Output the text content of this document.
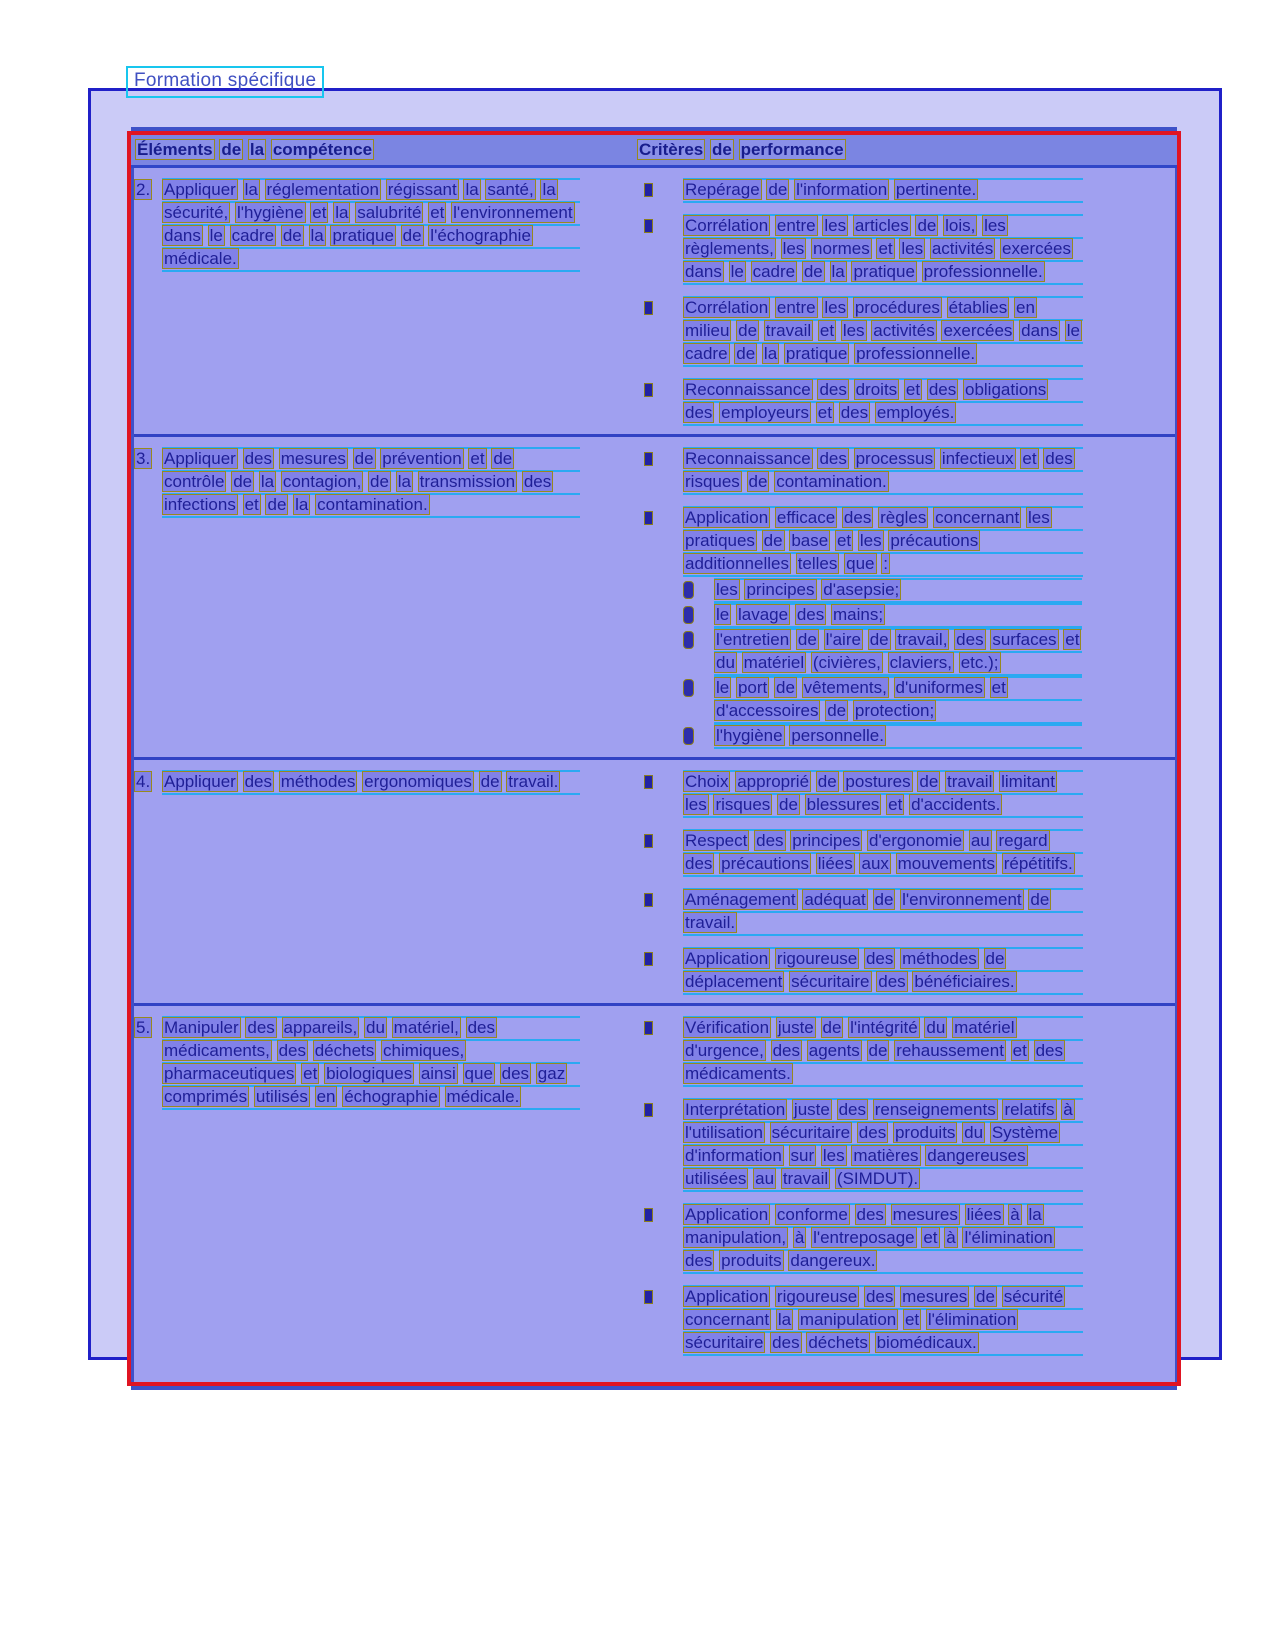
Formation spécifique
Éléments de la compétence	Critères de performance
2. Appliquer la réglementation régissant la santé, la sécurité, l'hygiène et la salubrité et l'environnement dans le cadre de la pratique de l'échographie médicale.
Repérage de l'information pertinente.
Corrélation entre les articles de lois, les règlements, les normes et les activités exercées dans le cadre de la pratique professionnelle.
Corrélation entre les procédures établies en milieu de travail et les activités exercées dans le cadre de la pratique professionnelle.
Reconnaissance des droits et des obligations des employeurs et des employés.
3. Appliquer des mesures de prévention et de contrôle de la contagion, de la transmission des infections et de la contamination.
Reconnaissance des processus infectieux et des risques de contamination.
Application efficace des règles concernant les pratiques de base et les précautions additionnelles telles que :
les principes d'asepsie;
le lavage des mains;
l'entretien de l'aire de travail, des surfaces et du matériel (civières, claviers, etc.);
le port de vêtements, d'uniformes et d'accessoires de protection;
l'hygiène personnelle.
4. Appliquer des méthodes ergonomiques de travail.	Choix approprié de postures de travail limitant les risques de blessures et d'accidents.
Respect des principes d'ergonomie au regard des précautions liées aux mouvements répétitifs.
Aménagement adéquat de l'environnement de travail.
Application rigoureuse des méthodes de déplacement sécuritaire des bénéficiaires.
5. Manipuler des appareils, du matériel, des médicaments, des déchets chimiques, pharmaceutiques et biologiques ainsi que des gaz comprimés utilisés en échographie médicale.
Vérification juste de l'intégrité du matériel d'urgence, des agents de rehaussement et des médicaments.
Interprétation juste des renseignements relatifs à l'utilisation sécuritaire des produits du Système d'information sur les matières dangereuses utilisées au travail (SIMDUT).
Application conforme des mesures liées à la manipulation, à l'entreposage et à l'élimination des produits dangereux.
Application rigoureuse des mesures de sécurité concernant la manipulation et l'élimination sécuritaire des déchets biomédicaux.
